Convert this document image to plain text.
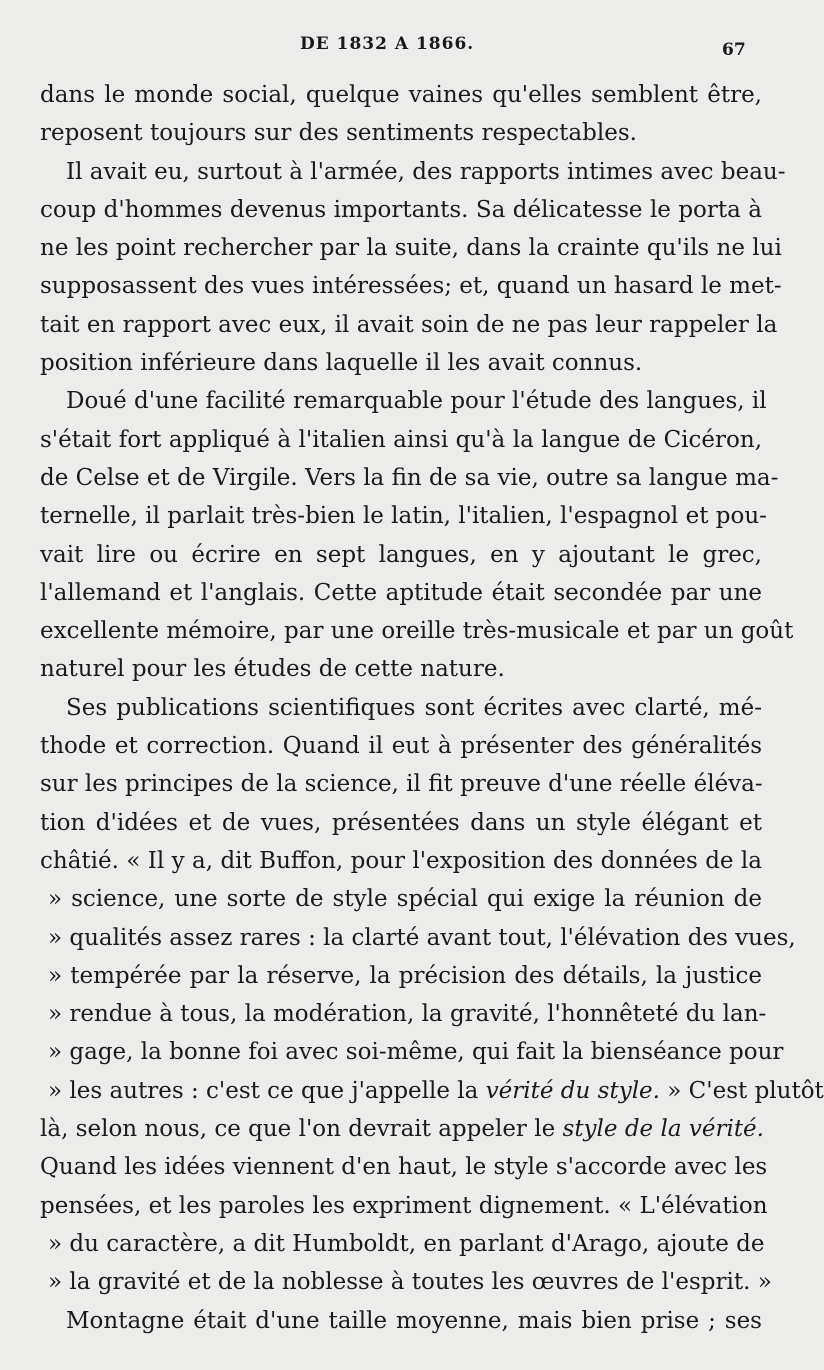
DE 1832 A 1866.	67
dans le monde social, quelque vaines qu'elles semblent être,
reposent toujours sur des sentiments respectables.
Il avait eu, surtout à l'armée, des rapports intimes avec beau-
coup d'hommes devenus importants. Sa délicatesse le porta à
ne les point rechercher par la suite, dans la crainte qu'ils ne lui
supposassent des vues intéressées; et, quand un hasard le met-
tait en rapport avec eux, il avait soin de ne pas leur rappeler la
position inférieure dans laquelle il les avait connus.
Doué d'une facilité remarquable pour l'étude des langues, il
s'était fort appliqué à l'italien ainsi qu'à la langue de Cicéron,
de Celse et de Virgile. Vers la fin de sa vie, outre sa langue ma-
ternelle, il parlait très-bien le latin, l'italien, l'espagnol et pou-
vait lire ou écrire en sept langues, en y ajoutant le grec,
l'allemand et l'anglais. Cette aptitude était secondée par une
excellente mémoire, par une oreille très-musicale et par un goût
naturel pour les études de cette nature.
Ses publications scientifiques sont écrites avec clarté, mé-
thode et correction. Quand il eut à présenter des généralités
sur les principes de la science, il fit preuve d'une réelle éléva-
tion d'idées et de vues, présentées dans un style élégant et
châtié. « Il y a, dit Buffon, pour l'exposition des données de la
» science, une sorte de style spécial qui exige la réunion de
» qualités assez rares : la clarté avant tout, l'élévation des vues,
» tempérée par la réserve, la précision des détails, la justice
» rendue à tous, la modération, la gravité, l'honnêteté du lan-
» gage, la bonne foi avec soi-même, qui fait la bienséance pour
» les autres : c'est ce que j'appelle la vérité du style. » C'est plutôt
là, selon nous, ce que l'on devrait appeler le style de la vérité.
Quand les idées viennent d'en haut, le style s'accorde avec les
pensées, et les paroles les expriment dignement. « L'élévation
» du caractère, a dit Humboldt, en parlant d'Arago, ajoute de
» la gravité et de la noblesse à toutes les œuvres de l'esprit. »
Montagne était d'une taille moyenne, mais bien prise ; ses
